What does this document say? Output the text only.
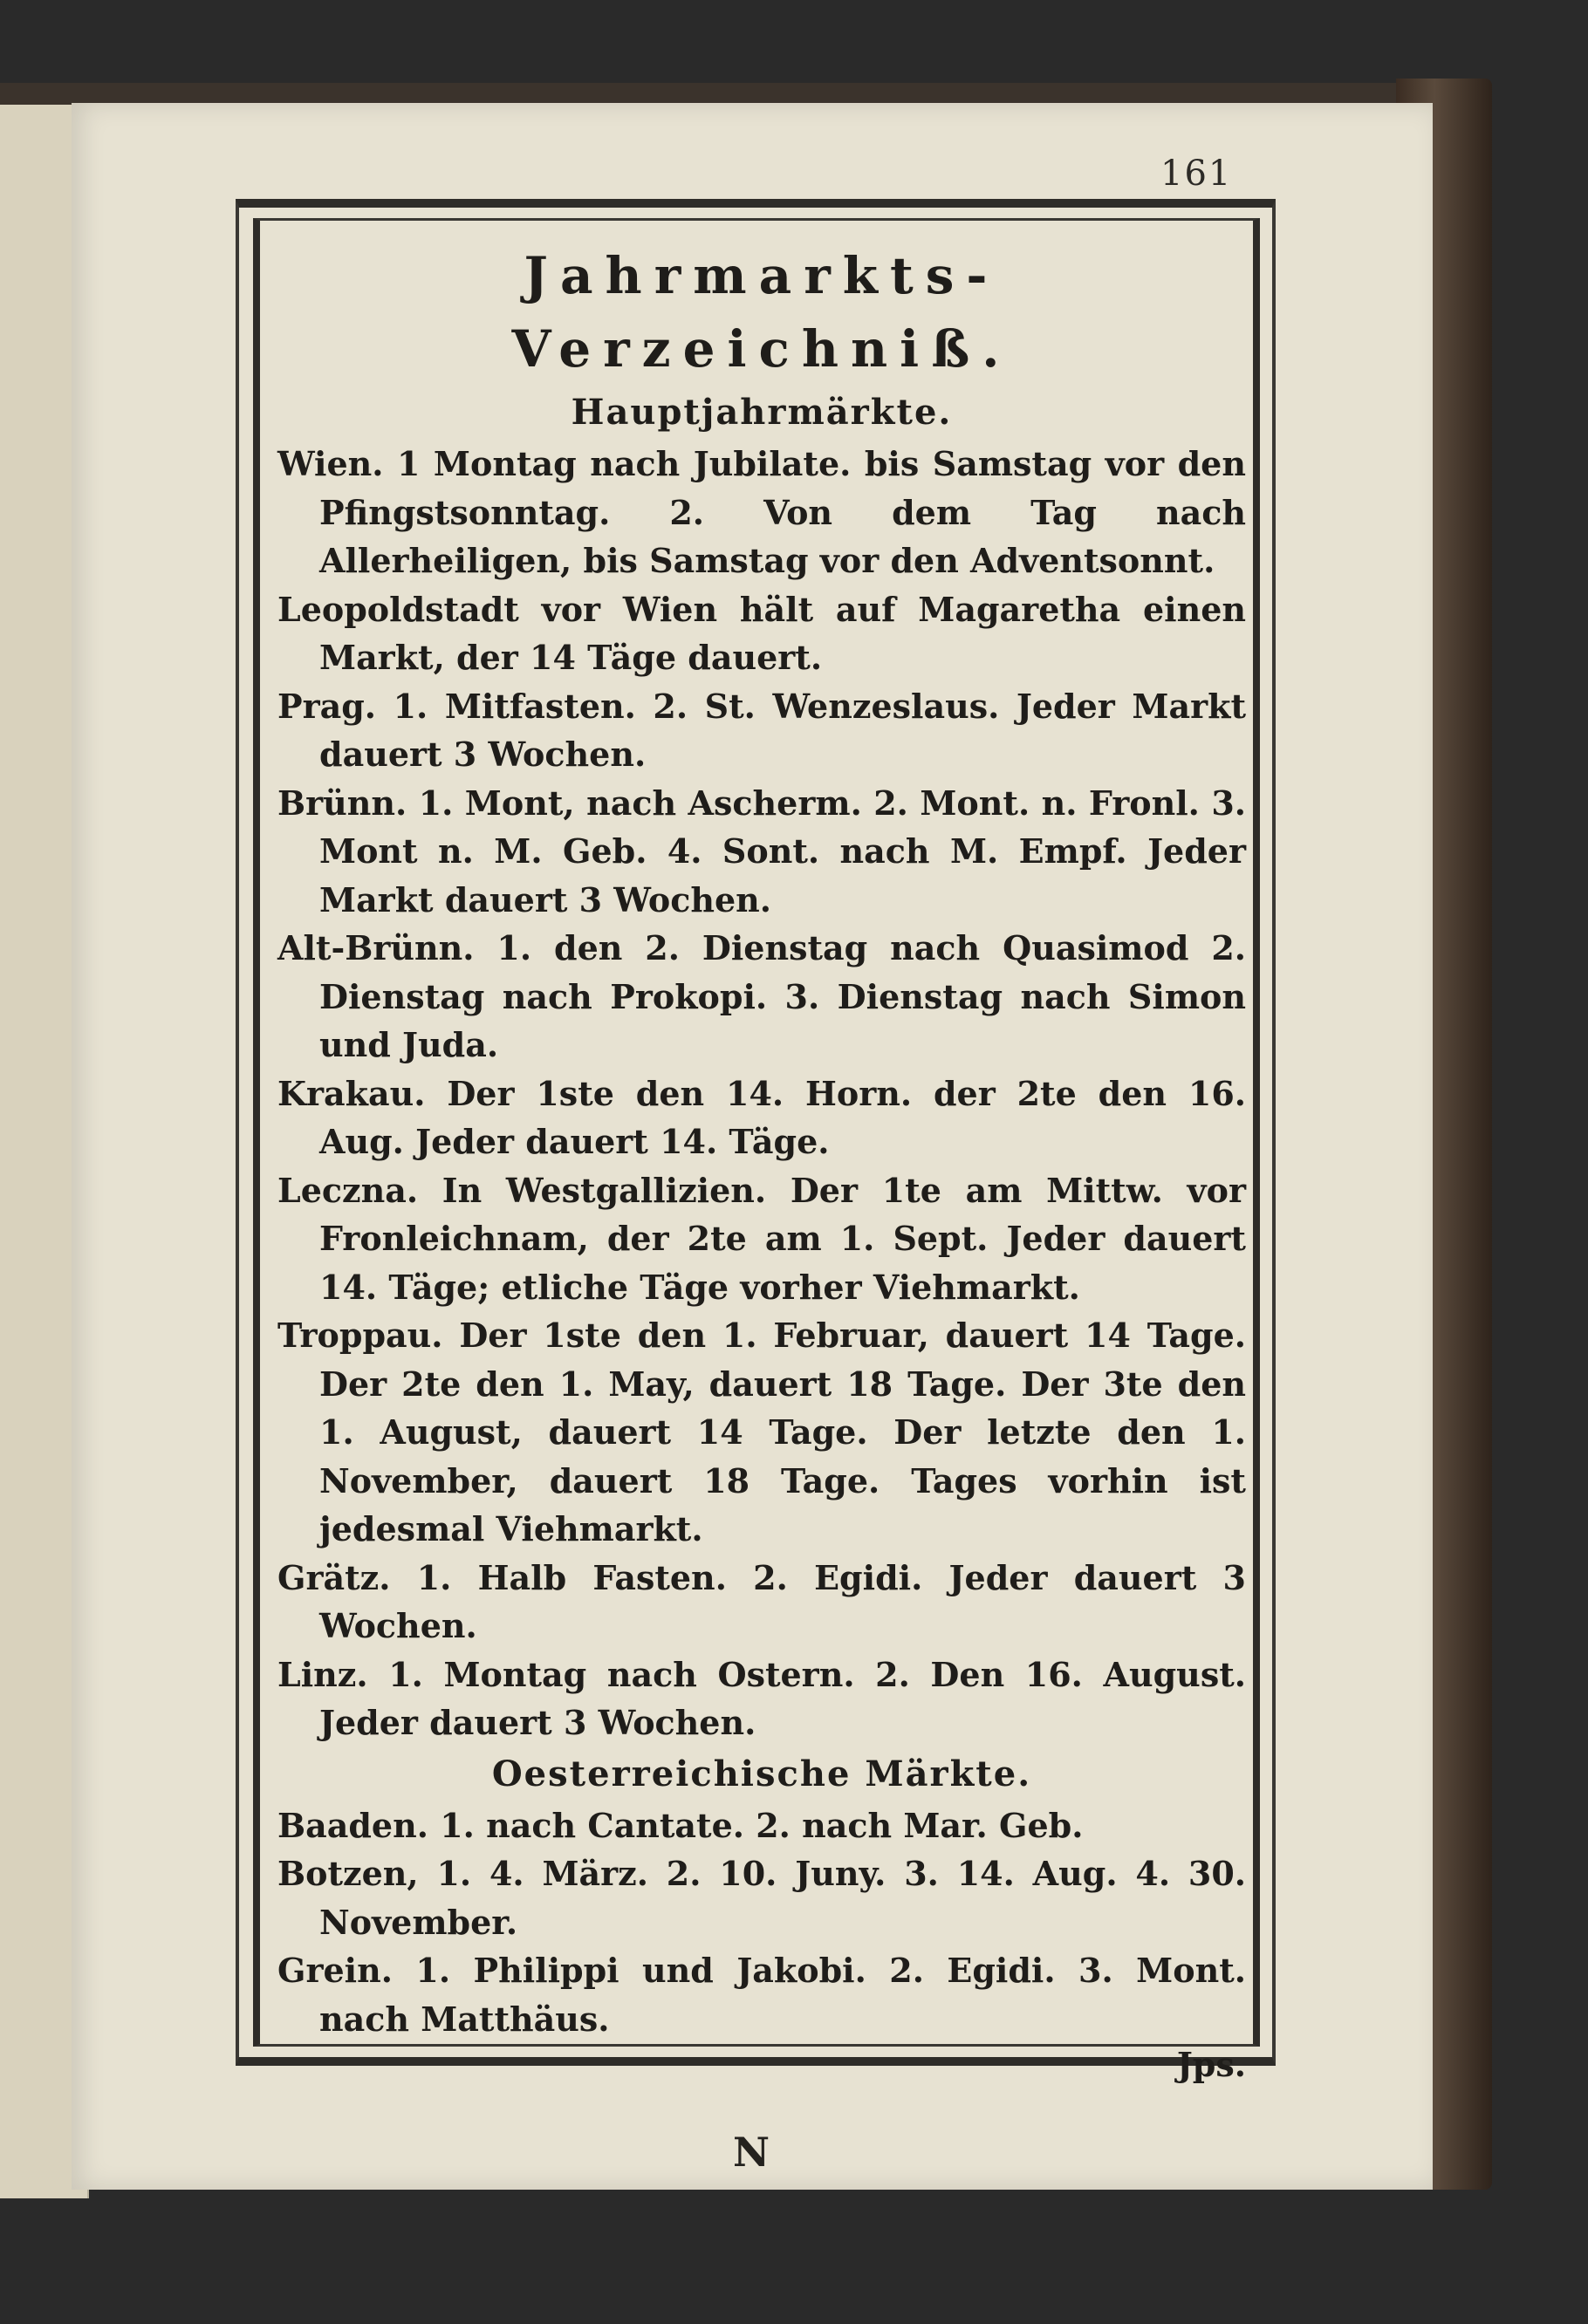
161
Jahrmarkts-Verzeichniß.
Hauptjahrmärkte.

Wien. 1 Montag nach Jubilate. bis Samstag vor den Pfingstsonntag. 2. Von dem Tag nach Allerheiligen, bis Samstag vor den Adventsonnt.

Leopoldstadt vor Wien hält auf Magaretha einen Markt, der 14 Täge dauert.

Prag. 1. Mitfasten. 2. St. Wenzeslaus. Jeder Markt dauert 3 Wochen.

Brünn. 1. Mont, nach Ascherm. 2. Mont. n. Fronl. 3. Mont n. M. Geb. 4. Sont. nach M. Empf. Jeder Markt dauert 3 Wochen.

Alt-Brünn. 1. den 2. Dienstag nach Quasimod 2. Dienstag nach Prokopi. 3. Dienstag nach Simon und Juda.

Krakau. Der 1ste den 14. Horn. der 2te den 16. Aug. Jeder dauert 14. Täge.

Leczna. In Westgallizien. Der 1te am Mittw. vor Fronleichnam, der 2te am 1. Sept. Jeder dauert 14. Täge; etliche Täge vorher Viehmarkt.

Troppau. Der 1ste den 1. Februar, dauert 14 Tage. Der 2te den 1. May, dauert 18 Tage. Der 3te den 1. August, dauert 14 Tage. Der letzte den 1. November, dauert 18 Tage. Tages vorhin ist jedesmal Viehmarkt.

Grätz. 1. Halb Fasten. 2. Egidi. Jeder dauert 3 Wochen.

Linz. 1. Montag nach Ostern. 2. Den 16. August. Jeder dauert 3 Wochen.

Oesterreichische Märkte.

Baaden. 1. nach Cantate. 2. nach Mar. Geb.

Botzen, 1. 4. März. 2. 10. Juny. 3. 14. Aug. 4. 30. November.

Grein. 1. Philippi und Jakobi. 2. Egidi. 3. Mont. nach Matthäus.

Jps.
N
